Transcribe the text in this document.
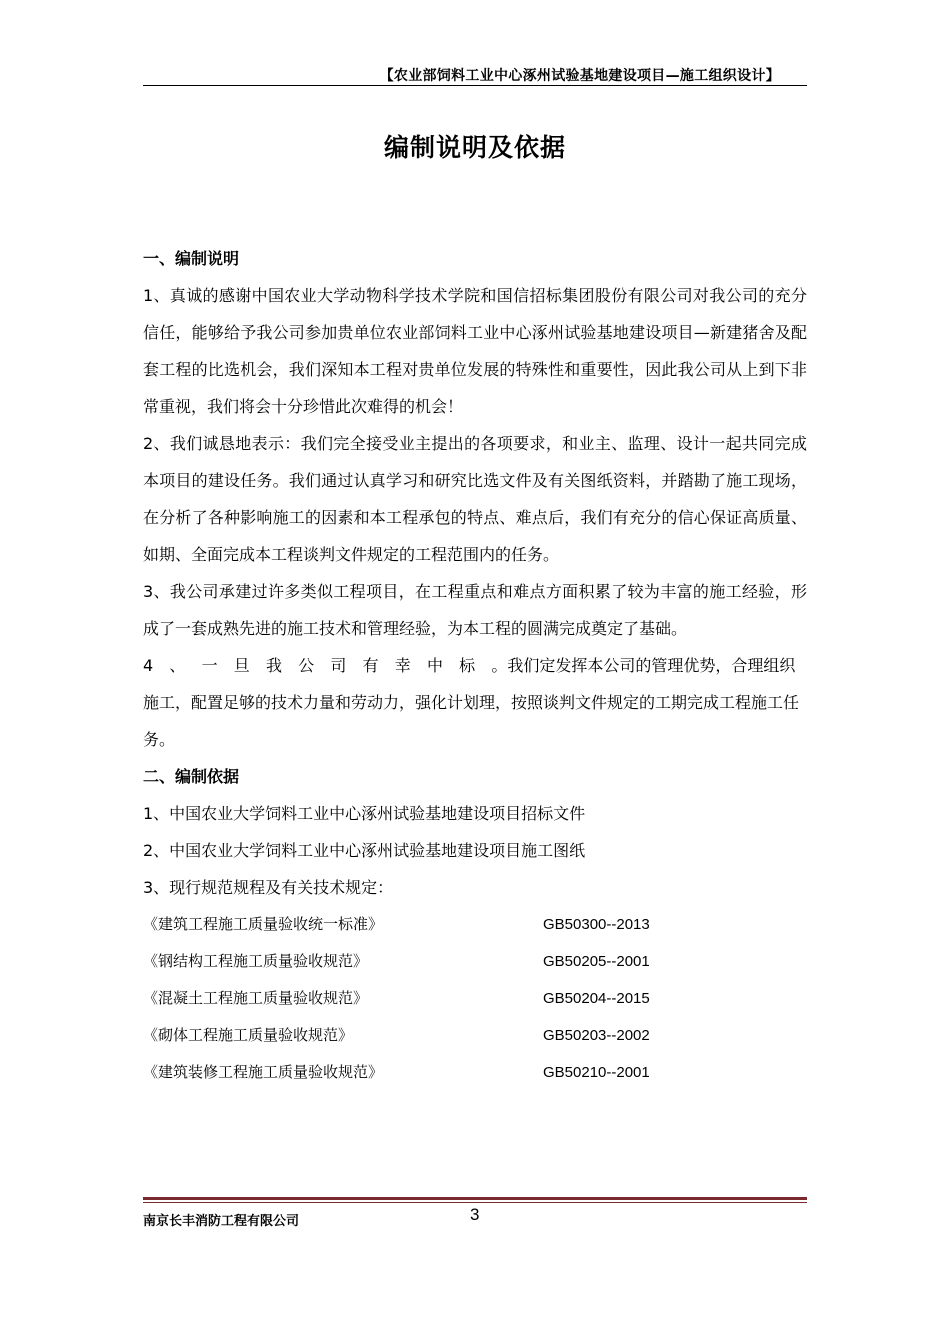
【农业部饲料工业中心涿州试验基地建设项目—施工组织设计】
编制说明及依据
一、编制说明
1、真诚的感谢中国农业大学动物科学技术学院和国信招标集团股份有限公司对我公司的充分信任，能够给予我公司参加贵单位农业部饲料工业中心涿州试验基地建设项目—新建猪舍及配套工程的比选机会，我们深知本工程对贵单位发展的特殊性和重要性，因此我公司从上到下非常重视，我们将会十分珍惜此次难得的机会！
2、我们诚恳地表示：我们完全接受业主提出的各项要求，和业主、监理、设计一起共同完成本项目的建设任务。我们通过认真学习和研究比选文件及有关图纸资料，并踏勘了施工现场，在分析了各种影响施工的因素和本工程承包的特点、难点后，我们有充分的信心保证高质量、如期、全面完成本工程谈判文件规定的工程范围内的任务。
3、我公司承建过许多类似工程项目，在工程重点和难点方面积累了较为丰富的施工经验，形成了一套成熟先进的施工技术和管理经验，为本工程的圆满完成奠定了基础。
4、一旦我公司有幸中标。我们定发挥本公司的管理优势，合理组织施工，配置足够的技术力量和劳动力，强化计划理，按照谈判文件规定的工期完成工程施工任务。
二、编制依据
1、中国农业大学饲料工业中心涿州试验基地建设项目招标文件
2、中国农业大学饲料工业中心涿州试验基地建设项目施工图纸
3、现行规范规程及有关技术规定：
《建筑工程施工质量验收统一标准》	GB50300--2013
《钢结构工程施工质量验收规范》	GB50205--2001
《混凝土工程施工质量验收规范》	GB50204--2015
《砌体工程施工质量验收规范》	GB50203--2002
《建筑装修工程施工质量验收规范》	GB50210--2001
南京长丰消防工程有限公司	3
